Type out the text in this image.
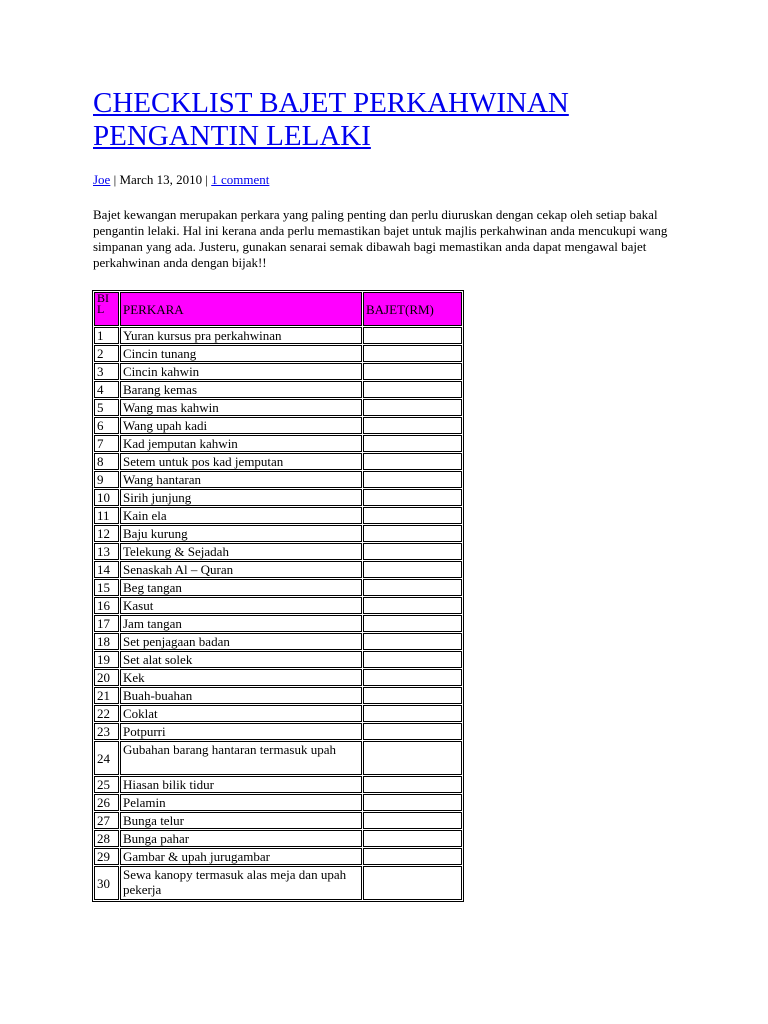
CHECKLIST BAJET PERKAHWINAN PENGANTIN LELAKI
Joe | March 13, 2010 | 1 comment

Bajet kewangan merupakan perkara yang paling penting dan perlu diuruskan dengan cekap oleh setiap bakal pengantin lelaki. Hal ini kerana anda perlu memastikan bajet untuk majlis perkahwinan anda mencukupi wang simpanan yang ada. Justeru, gunakan senarai semak dibawah bagi memastikan anda dapat mengawal bajet perkahwinan anda dengan bijak!!

BIL	PERKARA	BAJET(RM)
1	Yuran kursus pra perkahwinan	
2	Cincin tunang	
3	Cincin kahwin	
4	Barang kemas	
5	Wang mas kahwin	
6	Wang upah kadi	
7	Kad jemputan kahwin	
8	Setem untuk pos kad jemputan	
9	Wang hantaran	
10	Sirih junjung	
11	Kain ela	
12	Baju kurung	
13	Telekung & Sejadah	
14	Senaskah Al – Quran	
15	Beg tangan	
16	Kasut	
17	Jam tangan	
18	Set penjagaan badan	
19	Set alat solek	
20	Kek	
21	Buah-buahan	
22	Coklat	
23	Potpurri	
24	Gubahan barang hantaran termasuk upah	
25	Hiasan bilik tidur	
26	Pelamin	
27	Bunga telur	
28	Bunga pahar	
29	Gambar & upah jurugambar	
30	Sewa kanopy termasuk alas meja dan upah pekerja	
